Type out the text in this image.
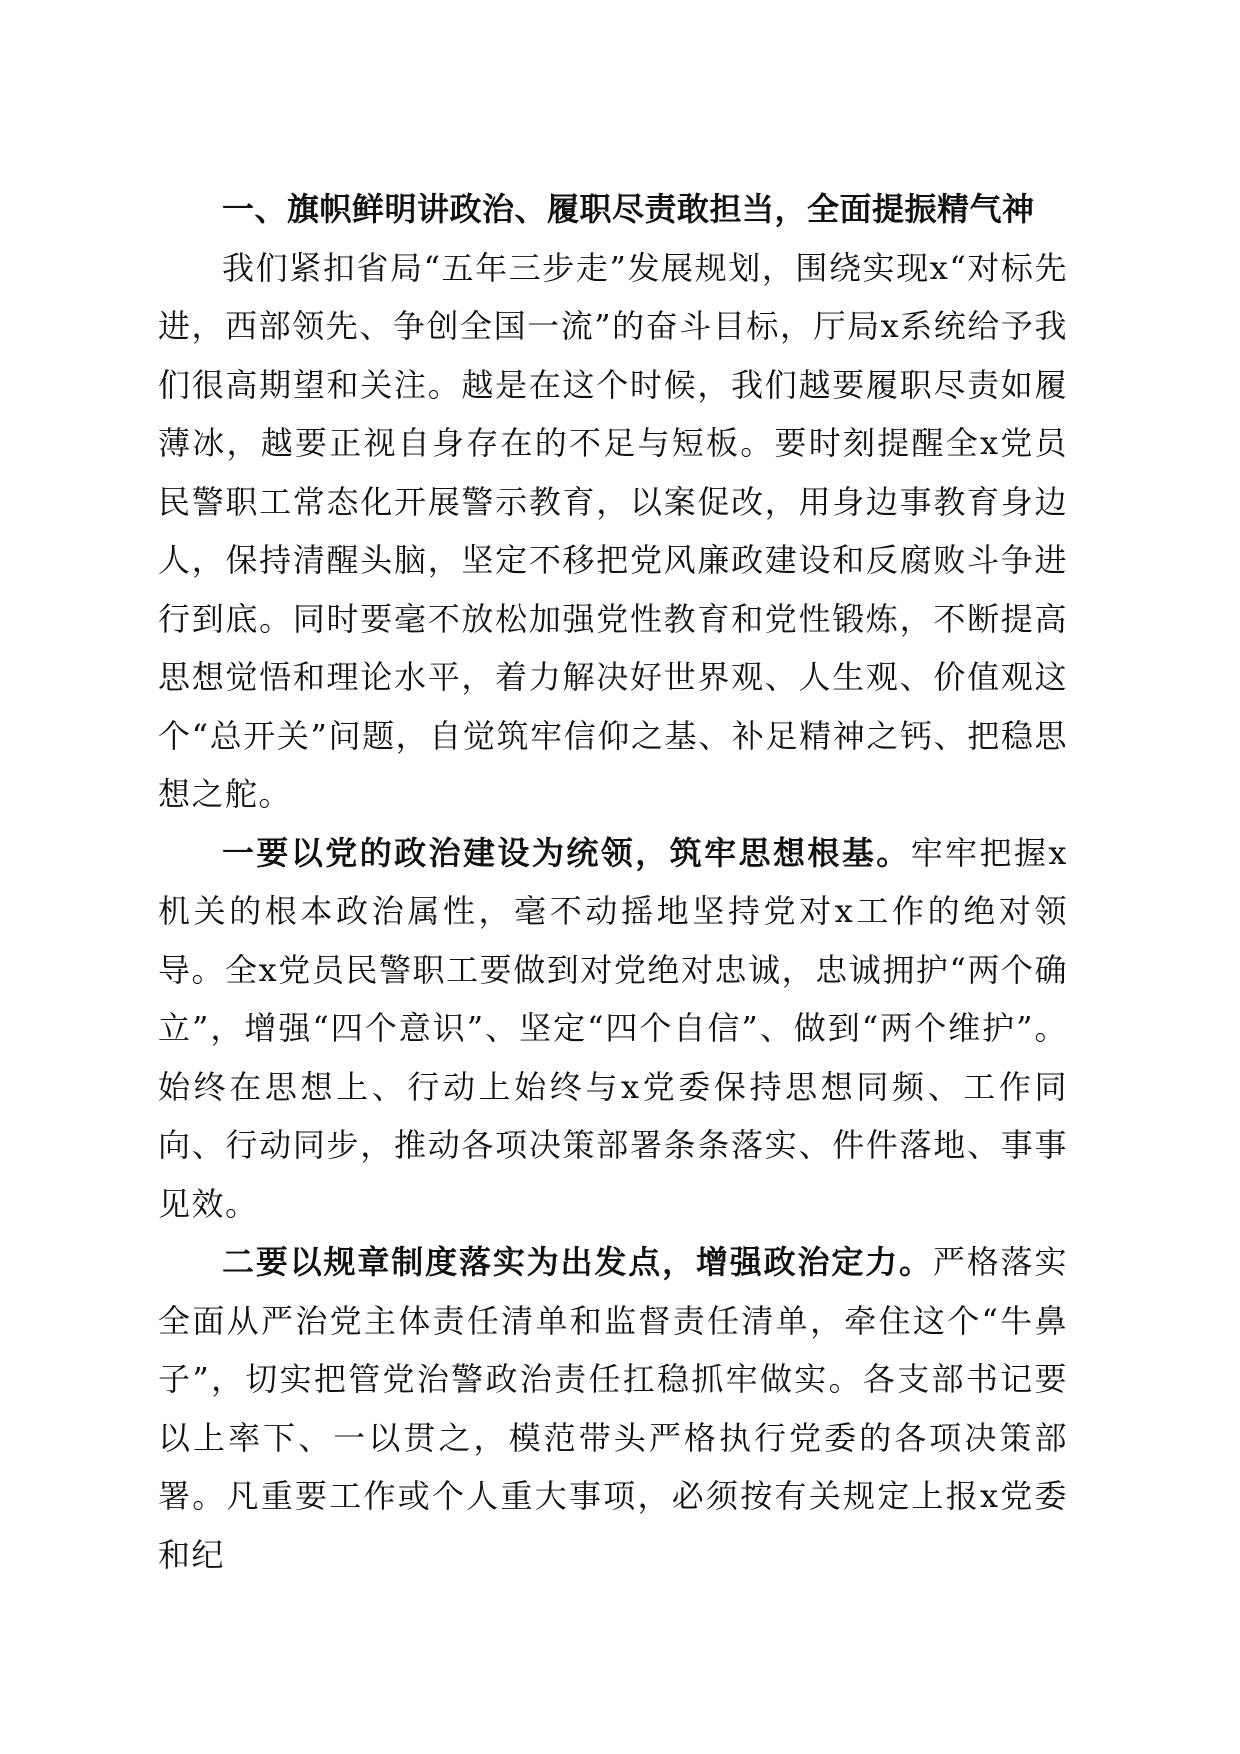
一、旗帜鲜明讲政治、履职尽责敢担当，全面提振精气神

我们紧扣省局“五年三步走”发展规划，围绕实现x“对标先进，西部领先、争创全国一流”的奋斗目标，厅局x系统给予我们很高期望和关注。越是在这个时候，我们越要履职尽责如履薄冰，越要正视自身存在的不足与短板。要时刻提醒全x党员民警职工常态化开展警示教育，以案促改，用身边事教育身边人，保持清醒头脑，坚定不移把党风廉政建设和反腐败斗争进行到底。同时要毫不放松加强党性教育和党性锻炼，不断提高思想觉悟和理论水平，着力解决好世界观、人生观、价值观这个“总开关”问题，自觉筑牢信仰之基、补足精神之钙、把稳思想之舵。

一要以党的政治建设为统领，筑牢思想根基。牢牢把握x机关的根本政治属性，毫不动摇地坚持党对x工作的绝对领导。全x党员民警职工要做到对党绝对忠诚，忠诚拥护“两个确立”，增强“四个意识”、坚定“四个自信”、做到“两个维护”。始终在思想上、行动上始终与x党委保持思想同频、工作同向、行动同步，推动各项决策部署条条落实、件件落地、事事见效。

二要以规章制度落实为出发点，增强政治定力。严格落实全面从严治党主体责任清单和监督责任清单，牵住这个“牛鼻子”，切实把管党治警政治责任扛稳抓牢做实。各支部书记要以上率下、一以贯之，模范带头严格执行党委的各项决策部署。凡重要工作或个人重大事项，必须按有关规定上报x党委和纪
